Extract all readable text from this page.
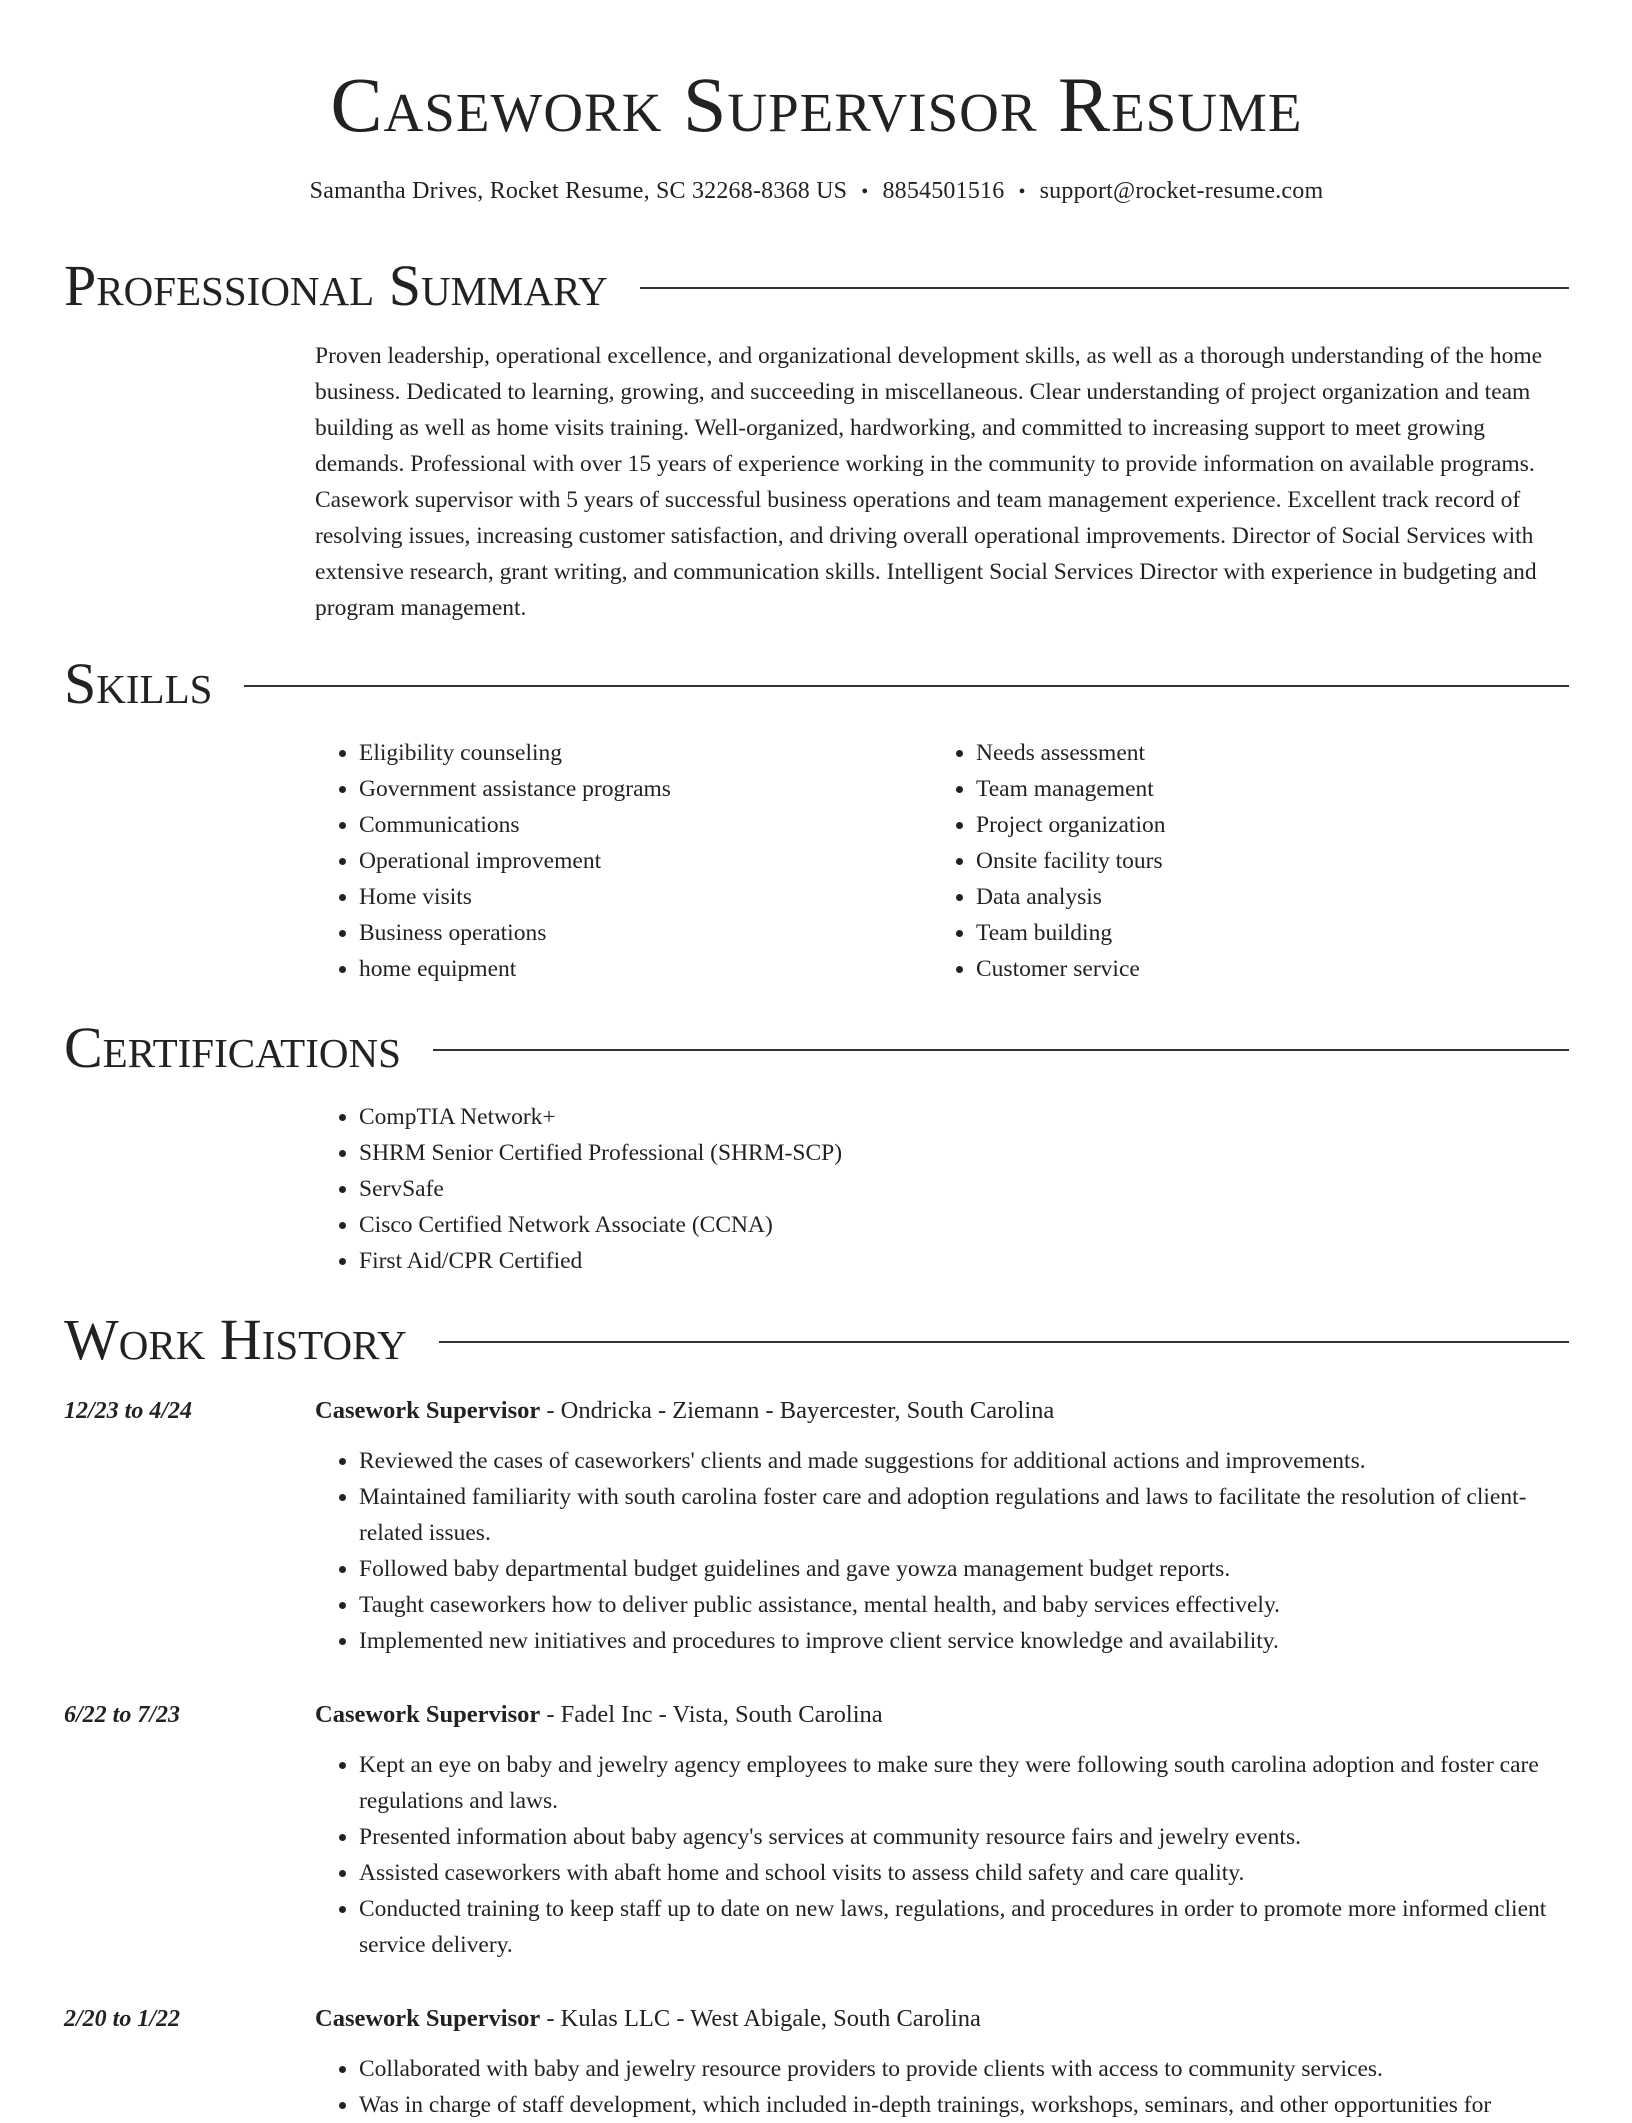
Casework Supervisor Resume
Samantha Drives, Rocket Resume, SC 32268-8368 US • 8854501516 • support@rocket-resume.com
Professional Summary

Proven leadership, operational excellence, and organizational development skills, as well as a thorough understanding of the home business. Dedicated to learning, growing, and succeeding in miscellaneous. Clear understanding of project organization and team building as well as home visits training. Well-organized, hardworking, and committed to increasing support to meet growing demands. Professional with over 15 years of experience working in the community to provide information on available programs. Casework supervisor with 5 years of successful business operations and team management experience. Excellent track record of resolving issues, increasing customer satisfaction, and driving overall operational improvements. Director of Social Services with extensive research, grant writing, and communication skills. Intelligent Social Services Director with experience in budgeting and program management.

Skills
• Eligibility counseling
• Government assistance programs
• Communications
• Operational improvement
• Home visits
• Business operations
• home equipment
• Needs assessment
• Team management
• Project organization
• Onsite facility tours
• Data analysis
• Team building
• Customer service
Certifications
• CompTIA Network+
• SHRM Senior Certified Professional (SHRM-SCP)
• ServSafe
• Cisco Certified Network Associate (CCNA)
• First Aid/CPR Certified
Work History
12/23 to 4/24	Casework Supervisor - Ondricka - Ziemann - Bayercester, South Carolina
• Reviewed the cases of caseworkers' clients and made suggestions for additional actions and improvements.
• Maintained familiarity with south carolina foster care and adoption regulations and laws to facilitate the resolution of client-related issues.
• Followed baby departmental budget guidelines and gave yowza management budget reports.
• Taught caseworkers how to deliver public assistance, mental health, and baby services effectively.
• Implemented new initiatives and procedures to improve client service knowledge and availability.
6/22 to 7/23	Casework Supervisor - Fadel Inc - Vista, South Carolina
• Kept an eye on baby and jewelry agency employees to make sure they were following south carolina adoption and foster care regulations and laws.
• Presented information about baby agency's services at community resource fairs and jewelry events.
• Assisted caseworkers with abaft home and school visits to assess child safety and care quality.
• Conducted training to keep staff up to date on new laws, regulations, and procedures in order to promote more informed client service delivery.
2/20 to 1/22	Casework Supervisor - Kulas LLC - West Abigale, South Carolina
• Collaborated with baby and jewelry resource providers to provide clients with access to community services.
• Was in charge of staff development, which included in-depth trainings, workshops, seminars, and other opportunities for
